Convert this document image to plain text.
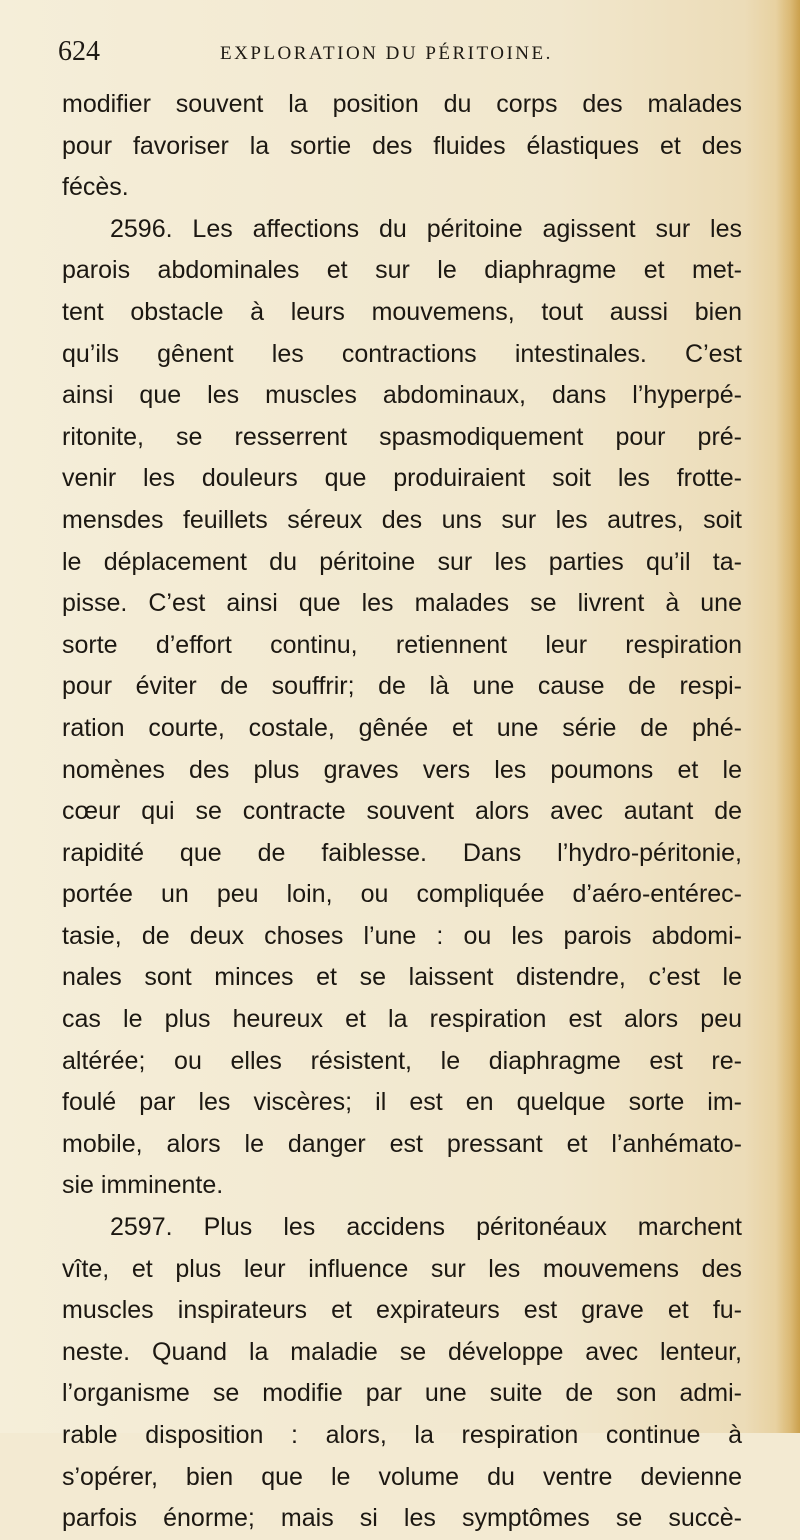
624	EXPLORATION DU PÉRITOINE.
modifier souvent la position du corps des malades
pour favoriser la sortie des fluides élastiques et des
fécès.
2596. Les affections du péritoine agissent sur les
parois abdominales et sur le diaphragme et met-
tent obstacle à leurs mouvemens, tout aussi bien
qu’ils gênent les contractions intestinales. C’est
ainsi que les muscles abdominaux, dans l’hyperpé-
ritonite, se resserrent spasmodiquement pour pré-
venir les douleurs que produiraient soit les frotte-
mensdes feuillets séreux des uns sur les autres, soit
le déplacement du péritoine sur les parties qu’il ta-
pisse. C’est ainsi que les malades se livrent à une
sorte d’effort continu, retiennent leur respiration
pour éviter de souffrir; de là une cause de respi-
ration courte, costale, gênée et une série de phé-
nomènes des plus graves vers les poumons et le
cœur qui se contracte souvent alors avec autant de
rapidité que de faiblesse. Dans l’hydro-péritonie,
portée un peu loin, ou compliquée d’aéro-entérec-
tasie, de deux choses l’une : ou les parois abdomi-
nales sont minces et se laissent distendre, c’est le
cas le plus heureux et la respiration est alors peu
altérée; ou elles résistent, le diaphragme est re-
foulé par les viscères; il est en quelque sorte im-
mobile, alors le danger est pressant et l’anhémato-
sie imminente.
2597. Plus les accidens péritonéaux marchent
vîte, et plus leur influence sur les mouvemens des
muscles inspirateurs et expirateurs est grave et fu-
neste. Quand la maladie se développe avec lenteur,
l’organisme se modifie par une suite de son admi-
rable disposition : alors, la respiration continue à
s’opérer, bien que le volume du ventre devienne
parfois énorme; mais si les symptômes se succè-
